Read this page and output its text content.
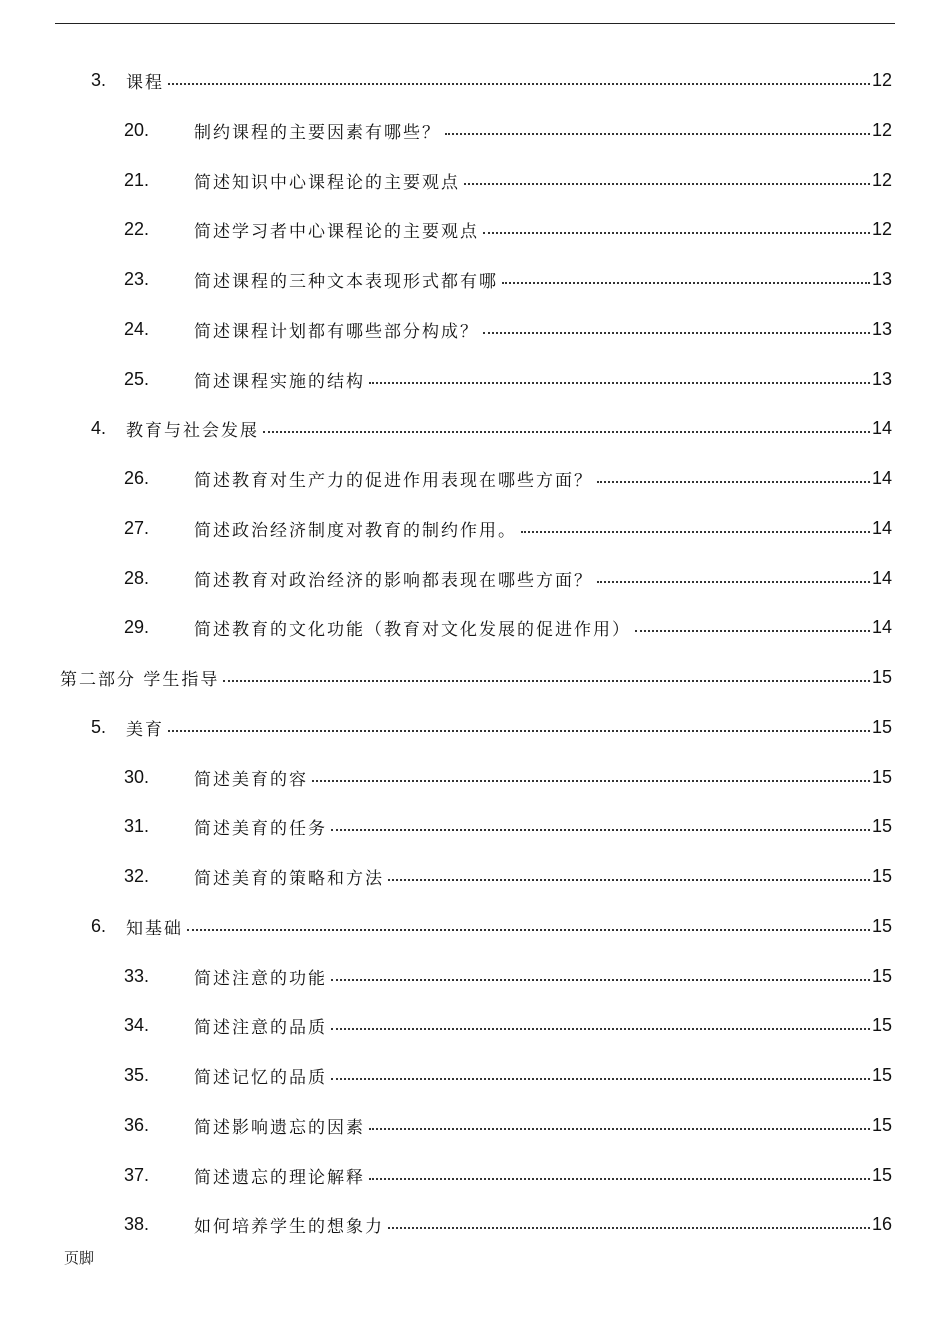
3.	课程	12
20.	制约课程的主要因素有哪些？	12
21.	简述知识中心课程论的主要观点	12
22.	简述学习者中心课程论的主要观点	12
23.	简述课程的三种文本表现形式都有哪	13
24.	简述课程计划都有哪些部分构成？	13
25.	简述课程实施的结构	13
4.	教育与社会发展	14
26.	简述教育对生产力的促进作用表现在哪些方面？	14
27.	简述政治经济制度对教育的制约作用。	14
28.	简述教育对政治经济的影响都表现在哪些方面？	14
29.	简述教育的文化功能（教育对文化发展的促进作用）	14
第二部分 学生指导	15
5.	美育	15
30.	简述美育的容	15
31.	简述美育的任务	15
32.	简述美育的策略和方法	15
6.	知基础	15
33.	简述注意的功能	15
34.	简述注意的品质	15
35.	简述记忆的品质	15
36.	简述影响遗忘的因素	15
37.	简述遗忘的理论解释	15
38.	如何培养学生的想象力	16
页脚
